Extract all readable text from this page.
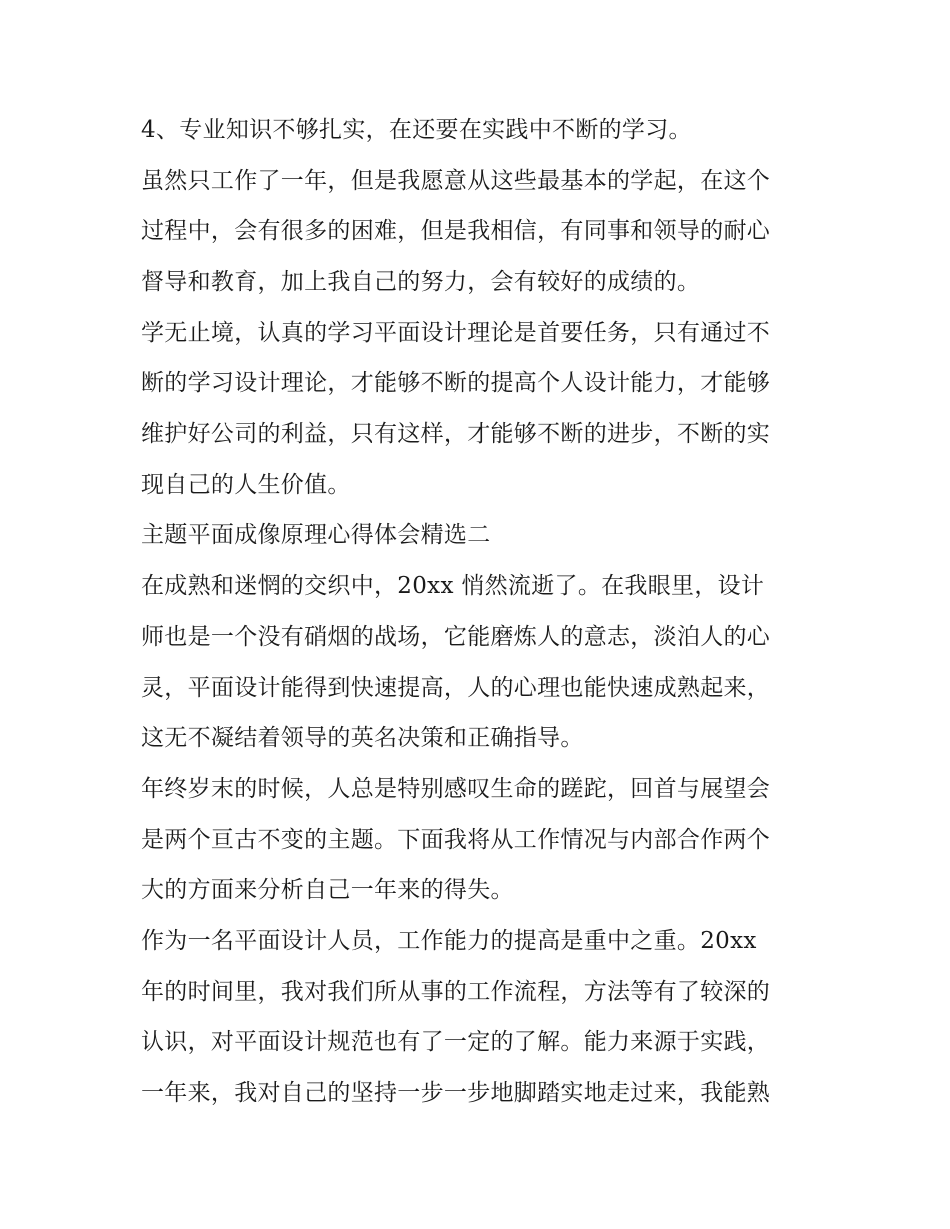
4、专业知识不够扎实，在还要在实践中不断的学习。
虽然只工作了一年，但是我愿意从这些最基本的学起，在这个
过程中，会有很多的困难，但是我相信，有同事和领导的耐心
督导和教育，加上我自己的努力，会有较好的成绩的。
学无止境，认真的学习平面设计理论是首要任务，只有通过不
断的学习设计理论，才能够不断的提高个人设计能力，才能够
维护好公司的利益，只有这样，才能够不断的进步，不断的实
现自己的人生价值。
主题平面成像原理心得体会精选二
在成熟和迷惘的交织中，20xx 悄然流逝了。在我眼里，设计
师也是一个没有硝烟的战场，它能磨炼人的意志，淡泊人的心
灵，平面设计能得到快速提高，人的心理也能快速成熟起来，
这无不凝结着领导的英名决策和正确指导。
年终岁末的时候，人总是特别感叹生命的蹉跎，回首与展望会
是两个亘古不变的主题。下面我将从工作情况与内部合作两个
大的方面来分析自己一年来的得失。
作为一名平面设计人员，工作能力的提高是重中之重。20xx
年的时间里，我对我们所从事的工作流程，方法等有了较深的
认识，对平面设计规范也有了一定的了解。能力来源于实践，
一年来，我对自己的坚持一步一步地脚踏实地走过来，我能熟
